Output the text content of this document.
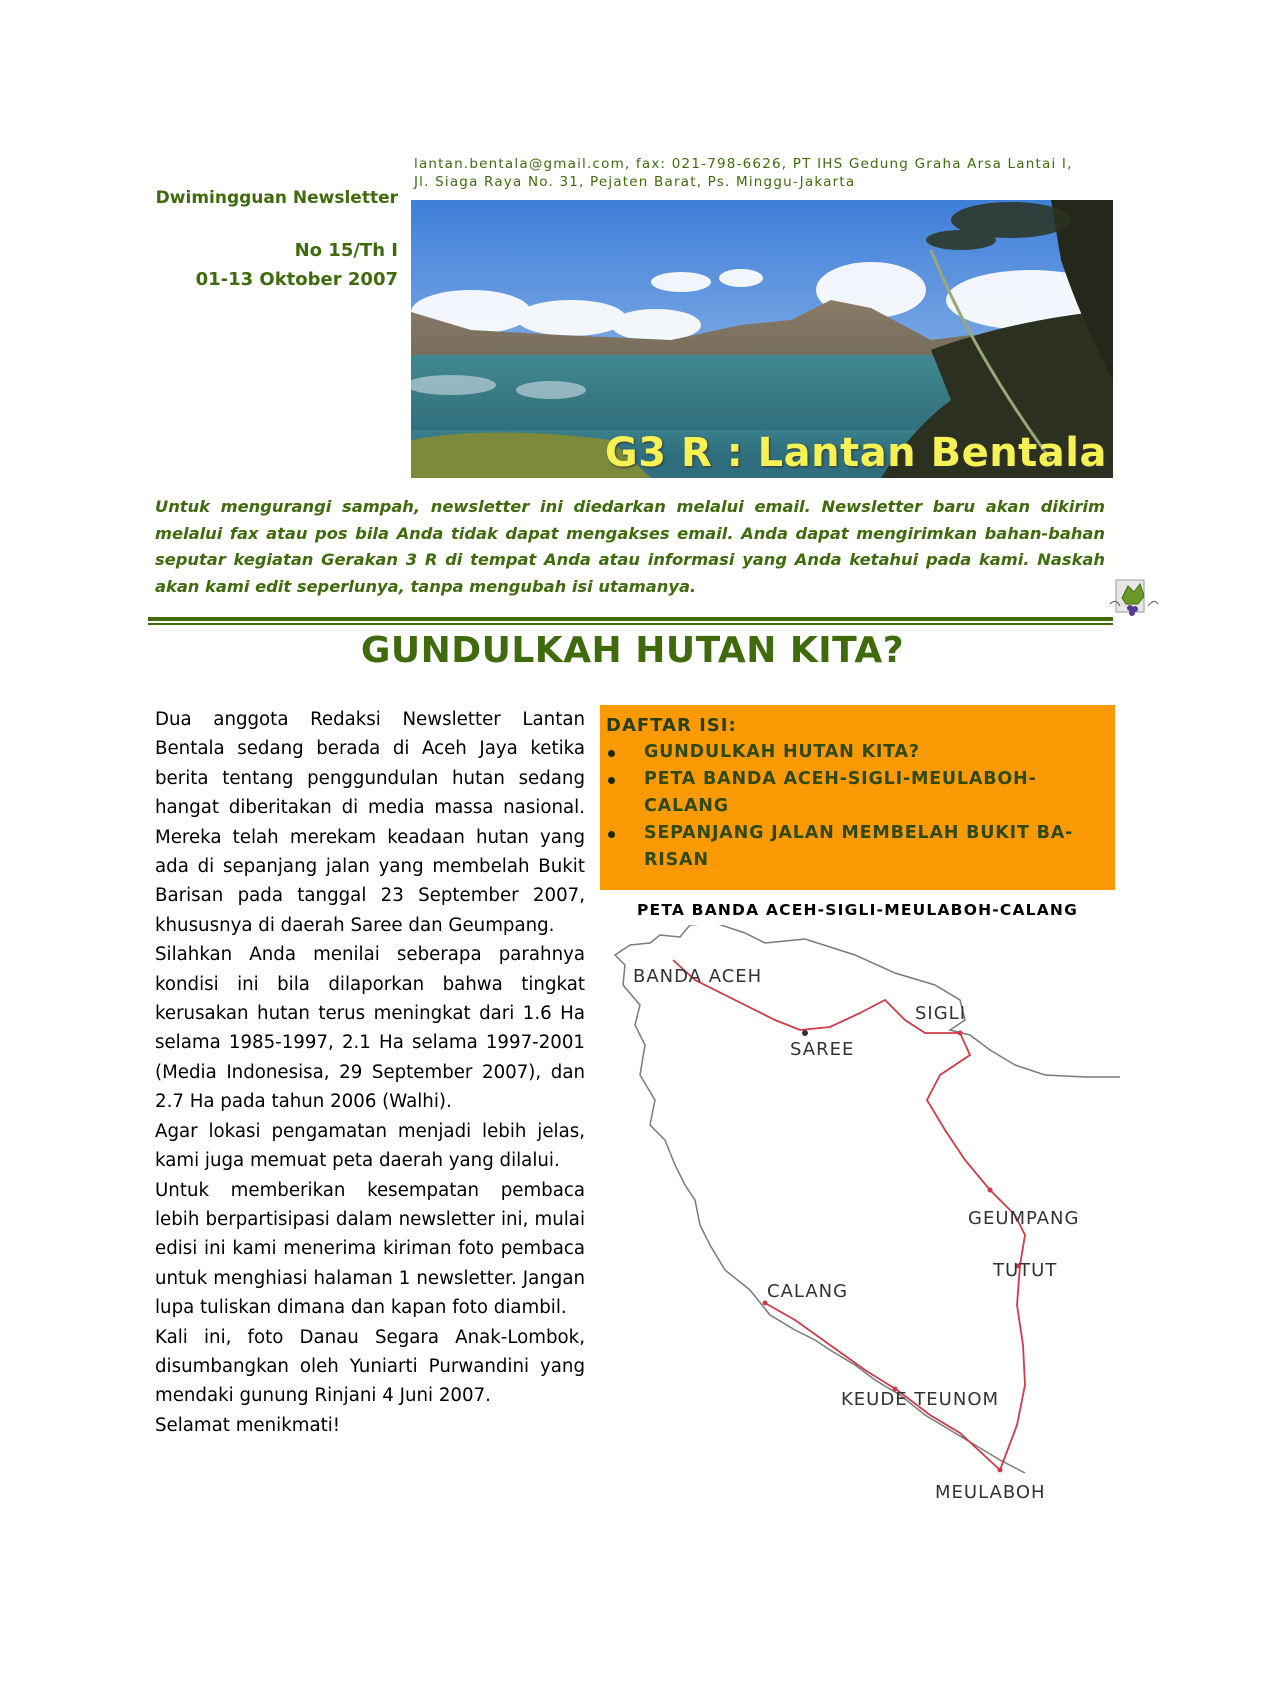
lantan.bentala@gmail.com, fax: 021-798-6626, PT IHS Gedung Graha Arsa Lantai I,
Jl. Siaga Raya No. 31, Pejaten Barat, Ps. Minggu-Jakarta
Dwimingguan Newsletter
No 15/Th I
01-13 Oktober 2007
G3 R : Lantan Bentala
Untuk mengurangi sampah, newsletter ini diedarkan melalui email. Newsletter baru akan dikirim melalui fax atau pos bila Anda tidak dapat mengakses email. Anda dapat mengirimkan bahan-bahan seputar kegiatan Gerakan 3 R di tempat Anda atau informasi yang Anda ketahui pada kami. Naskah akan kami edit seperlunya, tanpa mengubah isi utamanya.
GUNDULKAH HUTAN KITA?

Dua anggota Redaksi Newsletter Lantan Bentala sedang berada di Aceh Jaya ketika berita tentang penggundulan hutan sedang hangat diberitakan di media massa nasional. Mereka telah merekam keadaan hutan yang ada di sepanjang jalan yang membelah Bukit Barisan pada tanggal 23 September 2007, khususnya di daerah Saree dan Geumpang.

Silahkan Anda menilai seberapa parahnya kondisi ini bila dilaporkan bahwa tingkat kerusakan hutan terus meningkat dari 1.6 Ha selama 1985-1997, 2.1 Ha selama 1997-2001 (Media Indonesisa, 29 September 2007), dan 2.7 Ha pada tahun 2006 (Walhi).

Agar lokasi pengamatan menjadi lebih jelas, kami juga memuat peta daerah yang dilalui.

Untuk memberikan kesempatan pembaca lebih berpartisipasi dalam newsletter ini, mulai edisi ini kami menerima kiriman foto pembaca untuk menghiasi halaman 1 newsletter. Jangan lupa tuliskan dimana dan kapan foto diambil.

Kali ini, foto Danau Segara Anak-Lombok, disumbangkan oleh Yuniarti Purwandini yang mendaki gunung Rinjani 4 Juni 2007.

Selamat menikmati!

DAFTAR ISI:
GUNDULKAH HUTAN KITA?
PETA BANDA ACEH-SIGLI-MEULABOH-CALANG
SEPANJANG JALAN MEMBELAH BUKIT BA-RISAN
PETA BANDA ACEH-SIGLI-MEULABOH-CALANG
BANDA ACEH
SIGLI
SAREE
GEUMPANG
TUTUT
CALANG
KEUDE TEUNOM
MEULABOH
